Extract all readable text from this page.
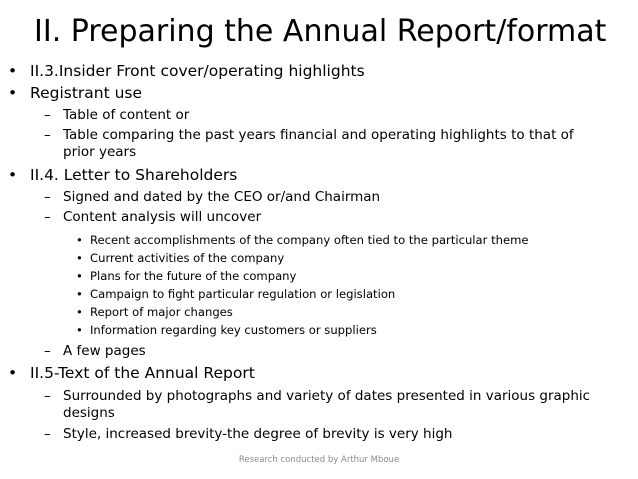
II. Preparing the Annual Report/format
• II.3.Insider Front cover/operating highlights
• Registrant use
– Table of content or
– Table comparing the past years financial and operating highlights to that of
prior years
• II.4. Letter to Shareholders
– Signed and dated by the CEO or/and Chairman
– Content analysis will uncover
• Recent accomplishments of the company often tied to the particular theme
• Current activities of the company
• Plans for the future of the company
• Campaign to fight particular regulation or legislation
• Report of major changes
• Information regarding key customers or suppliers
– A few pages
• II.5-Text of the Annual Report
– Surrounded by photographs and variety of dates presented in various graphic
designs
– Style, increased brevity-the degree of brevity is very high
Research conducted by Arthur Mboue
